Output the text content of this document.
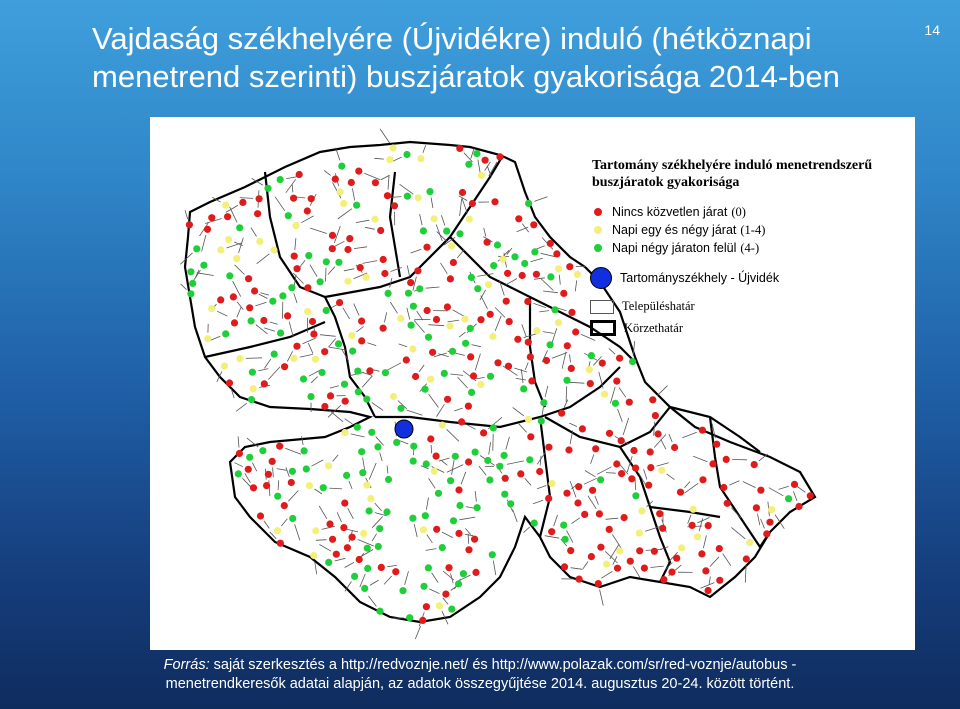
Vajdaság székhelyére (Újvidékre) induló (hétköznapi menetrend szerinti) buszjáratok gyakorisága 2014-ben
14
Tartomány székhelyére induló menetrendszerű buszjáratok gyakorisága
Nincs közvetlen járat (0)
Napi egy és négy járat (1-4)
Napi négy járaton felül (4-)
Tartományszékhely - Újvidék
Településhatár
Körzethatár
Forrás: saját szerkesztés a http://redvoznje.net/ és http://www.polazak.com/sr/red-voznje/autobus -
menetrendkeresők adatai alapján, az adatok összegyűjtése 2014. augusztus 20-24. között történt.
